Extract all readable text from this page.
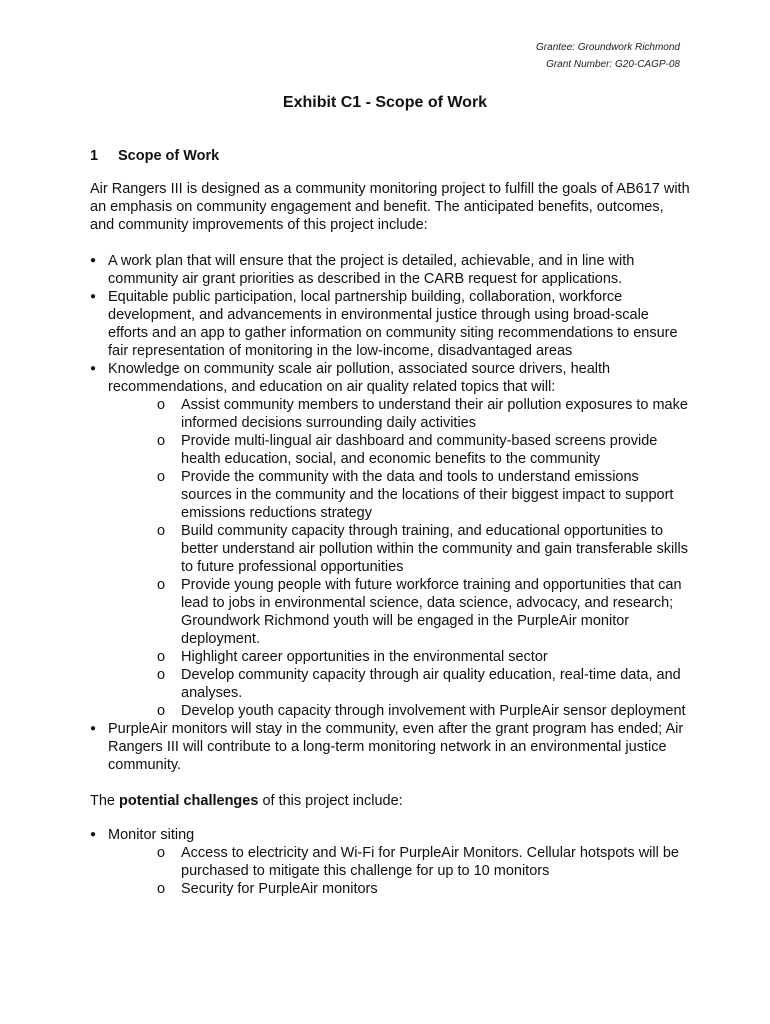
Grantee: Groundwork Richmond
Grant Number: G20-CAGP-08
Exhibit C1 - Scope of Work
1 Scope of Work

Air Rangers III is designed as a community monitoring project to fulfill the goals of AB617 with an emphasis on community engagement and benefit. The anticipated benefits, outcomes, and community improvements of this project include:

● A work plan that will ensure that the project is detailed, achievable, and in line with community air grant priorities as described in the CARB request for applications.
● Equitable public participation, local partnership building, collaboration, workforce development, and advancements in environmental justice through using broad-scale efforts and an app to gather information on community siting recommendations to ensure fair representation of monitoring in the low-income, disadvantaged areas
● Knowledge on community scale air pollution, associated source drivers, health recommendations, and education on air quality related topics that will:
o Assist community members to understand their air pollution exposures to make informed decisions surrounding daily activities
o Provide multi-lingual air dashboard and community-based screens provide health education, social, and economic benefits to the community
o Provide the community with the data and tools to understand emissions sources in the community and the locations of their biggest impact to support emissions reductions strategy
o Build community capacity through training, and educational opportunities to better understand air pollution within the community and gain transferable skills to future professional opportunities
o Provide young people with future workforce training and opportunities that can lead to jobs in environmental science, data science, advocacy, and research; Groundwork Richmond youth will be engaged in the PurpleAir monitor deployment.
o Highlight career opportunities in the environmental sector
o Develop community capacity through air quality education, real-time data, and analyses.
o Develop youth capacity through involvement with PurpleAir sensor deployment
● PurpleAir monitors will stay in the community, even after the grant program has ended; Air Rangers III will contribute to a long-term monitoring network in an environmental justice community.

The potential challenges of this project include:

● Monitor siting
o Access to electricity and Wi-Fi for PurpleAir Monitors. Cellular hotspots will be purchased to mitigate this challenge for up to 10 monitors
o Security for PurpleAir monitors
